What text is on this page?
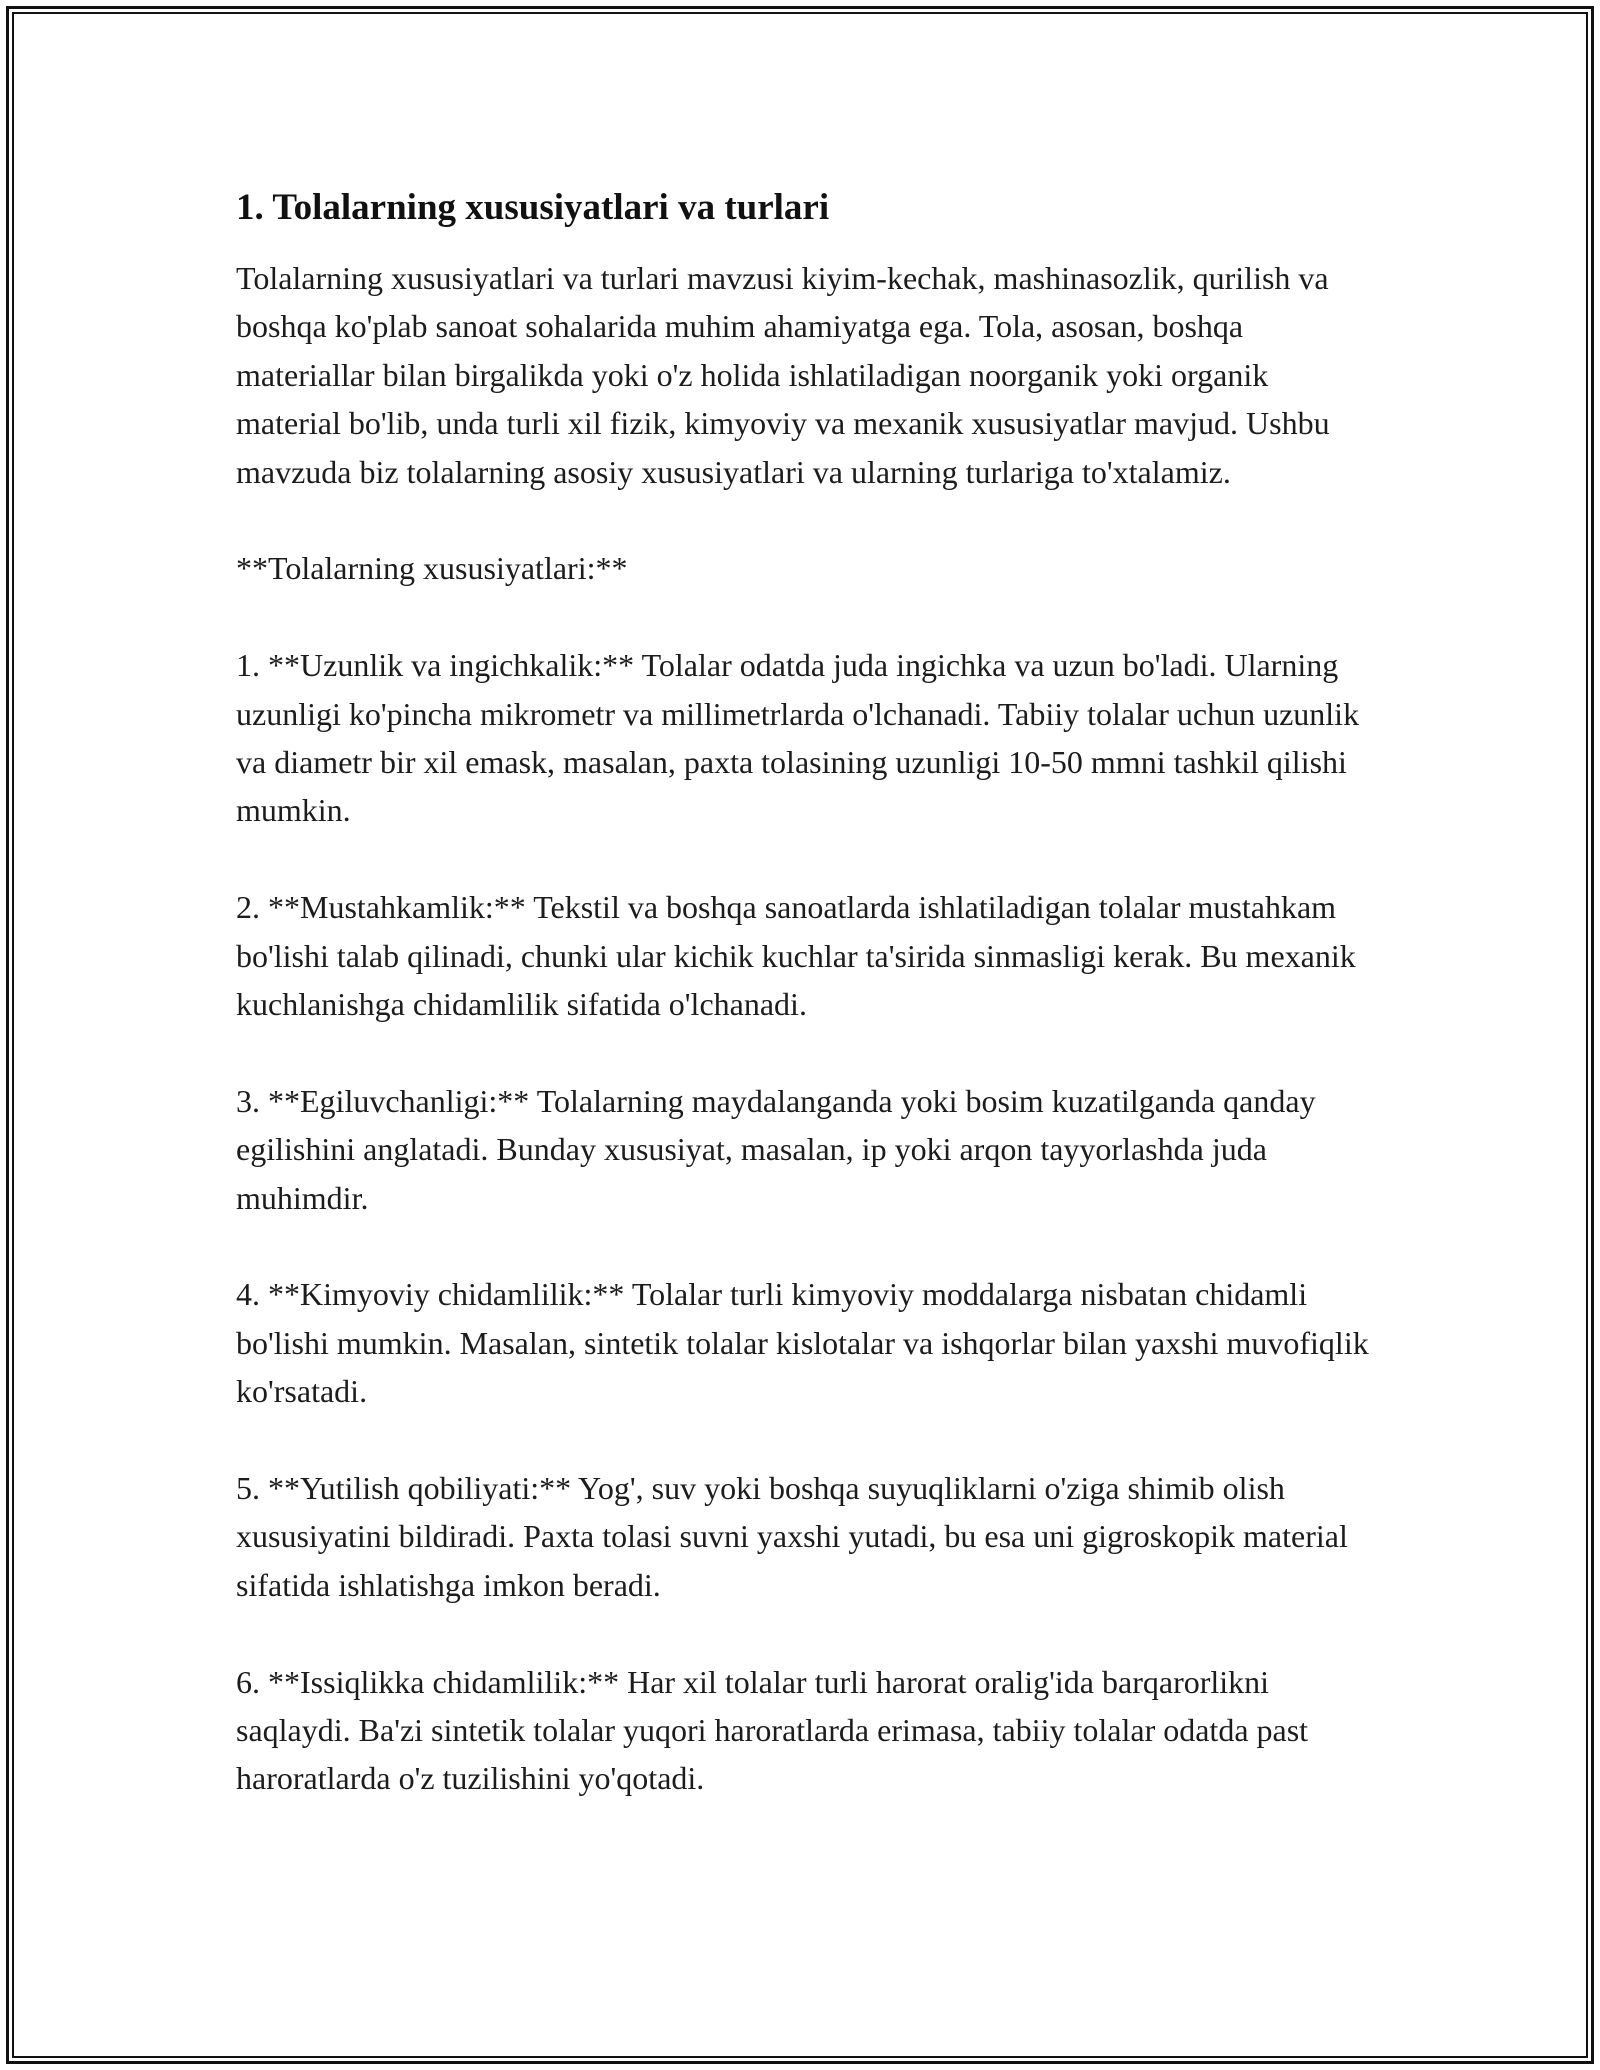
1. Tolalarning xususiyatlari va turlari

Tolalarning xususiyatlari va turlari mavzusi kiyim-kechak, mashinasozlik, qurilish va boshqa ko'plab sanoat sohalarida muhim ahamiyatga ega. Tola, asosan, boshqa materiallar bilan birgalikda yoki o'z holida ishlatiladigan noorganik yoki organik material bo'lib, unda turli xil fizik, kimyoviy va mexanik xususiyatlar mavjud. Ushbu mavzuda biz tolalarning asosiy xususiyatlari va ularning turlariga to'xtalamiz.

**Tolalarning xususiyatlari:**

1. **Uzunlik va ingichkalik:** Tolalar odatda juda ingichka va uzun bo'ladi. Ularning uzunligi ko'pincha mikrometr va millimetrlarda o'lchanadi. Tabiiy tolalar uchun uzunlik va diametr bir xil emask, masalan, paxta tolasining uzunligi 10-50 mmni tashkil qilishi mumkin.

2. **Mustahkamlik:** Tekstil va boshqa sanoatlarda ishlatiladigan tolalar mustahkam bo'lishi talab qilinadi, chunki ular kichik kuchlar ta'sirida sinmasligi kerak. Bu mexanik kuchlanishga chidamlilik sifatida o'lchanadi.

3. **Egiluvchanligi:** Tolalarning maydalanganda yoki bosim kuzatilganda qanday egilishini anglatadi. Bunday xususiyat, masalan, ip yoki arqon tayyorlashda juda muhimdir.

4. **Kimyoviy chidamlilik:** Tolalar turli kimyoviy moddalarga nisbatan chidamli bo'lishi mumkin. Masalan, sintetik tolalar kislotalar va ishqorlar bilan yaxshi muvofiqlik ko'rsatadi.

5. **Yutilish qobiliyati:** Yog', suv yoki boshqa suyuqliklarni o'ziga shimib olish xususiyatini bildiradi. Paxta tolasi suvni yaxshi yutadi, bu esa uni gigroskopik material sifatida ishlatishga imkon beradi.

6. **Issiqlikka chidamlilik:** Har xil tolalar turli harorat oralig'ida barqarorlikni saqlaydi. Ba'zi sintetik tolalar yuqori haroratlarda erimasa, tabiiy tolalar odatda past haroratlarda o'z tuzilishini yo'qotadi.
